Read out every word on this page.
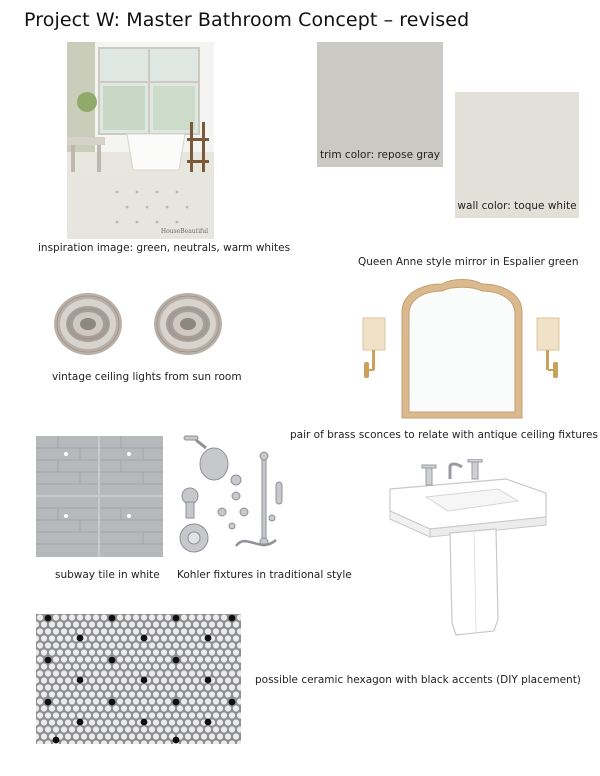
Project W: Master Bathroom Concept – revised
HouseBeautiful
inspiration image: green, neutrals, warm whites
trim color: repose gray
wall color: toque white
Queen Anne style mirror in Espalier green
vintage ceiling lights from sun room
pair of brass sconces to relate with antique ceiling fixtures
subway tile in white Kohler fixtures in traditional style
possible ceramic hexagon with black accents (DIY placement)
